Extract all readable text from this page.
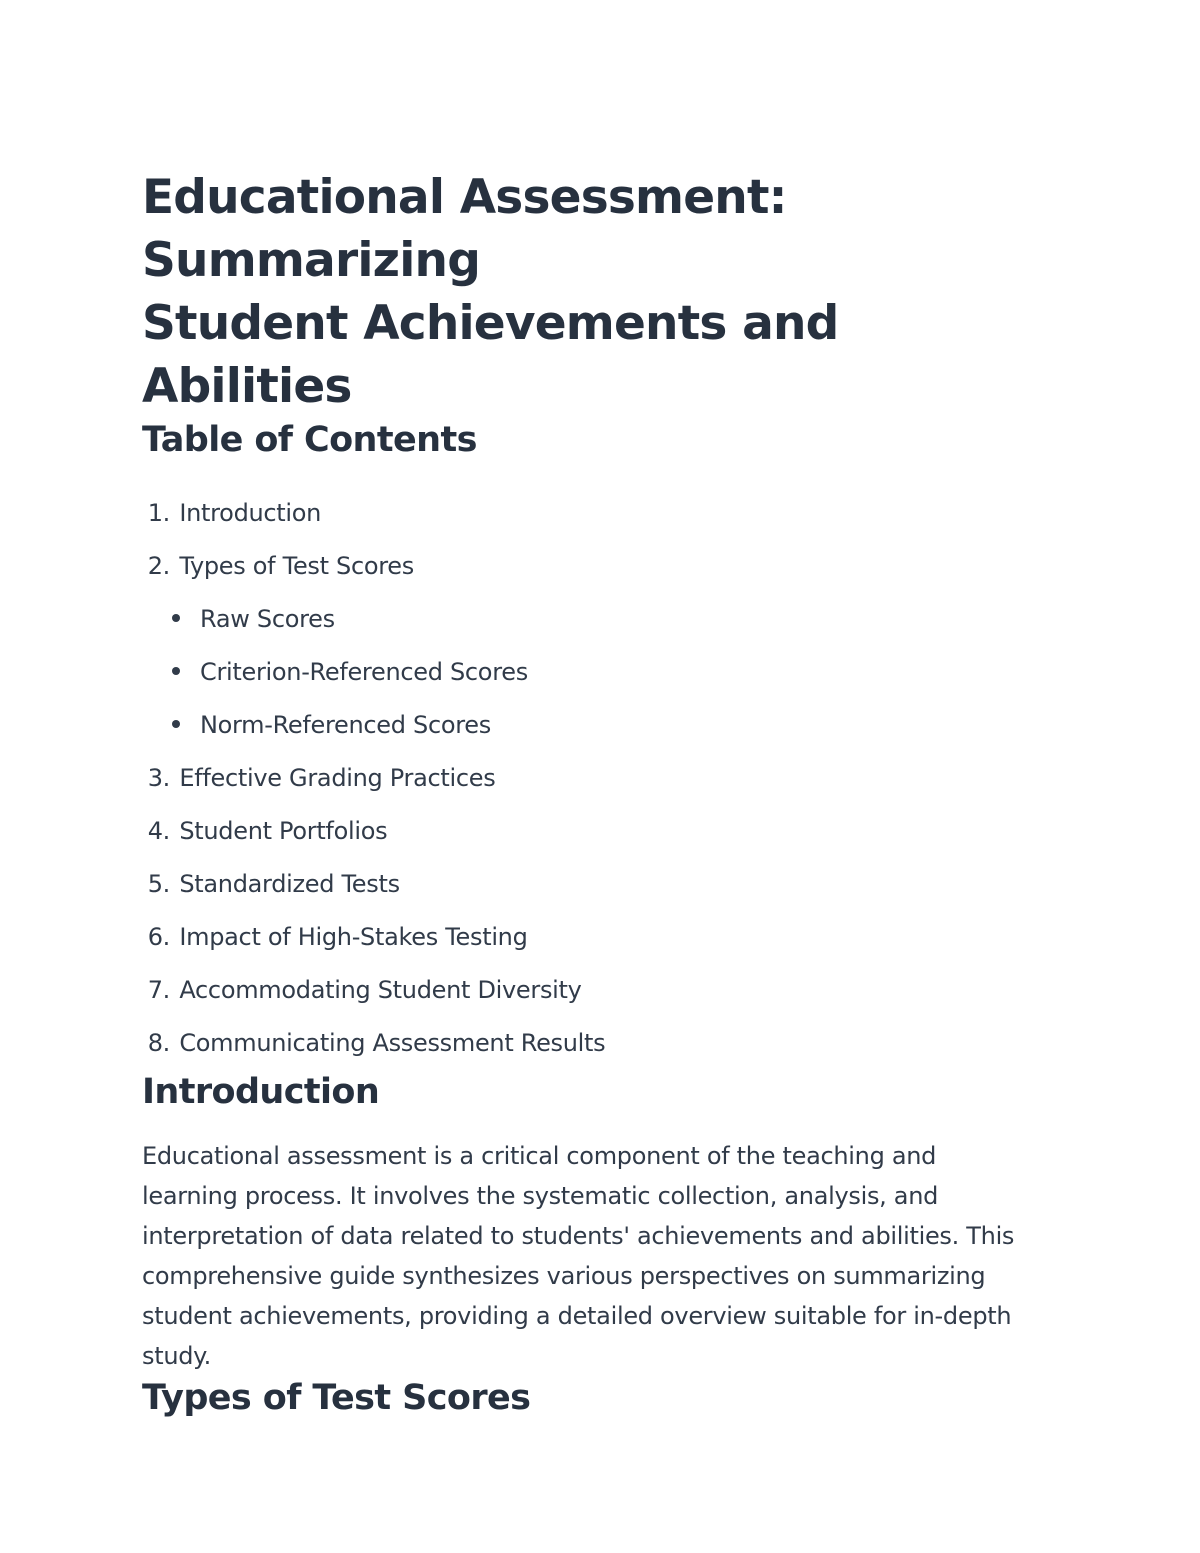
Educational Assessment: Summarizing
Student Achievements and Abilities
Table of Contents
1. Introduction
2. Types of Test Scores
Raw Scores
Criterion-Referenced Scores
Norm-Referenced Scores
3. Effective Grading Practices
4. Student Portfolios
5. Standardized Tests
6. Impact of High-Stakes Testing
7. Accommodating Student Diversity
8. Communicating Assessment Results
Introduction

Educational assessment is a critical component of the teaching and
learning process. It involves the systematic collection, analysis, and
interpretation of data related to students' achievements and abilities. This
comprehensive guide synthesizes various perspectives on summarizing
student achievements, providing a detailed overview suitable for in-depth
study.

Types of Test Scores
